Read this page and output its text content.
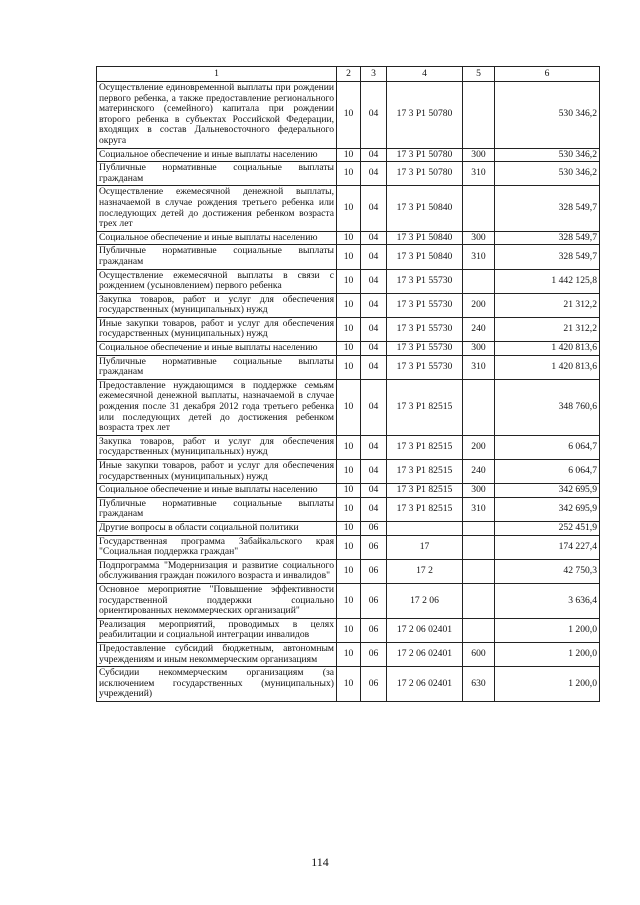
1	2	3	4	5	6
Осуществление единовременной выплаты при рождении первого ребенка, а также предоставление регионального материнского (семейного) капитала при рождении второго ребенка в субъектах Российской Федерации, входящих в состав Дальневосточного федерального округа	10	04	17 3 P1 50780		530 346,2
Социальное обеспечение и иные выплаты населению	10	04	17 3 P1 50780	300	530 346,2
Публичные нормативные социальные выплаты гражданам	10	04	17 3 P1 50780	310	530 346,2
Осуществление ежемесячной денежной выплаты, назначаемой в случае рождения третьего ребенка или последующих детей до достижения ребенком возраста трех лет	10	04	17 3 P1 50840		328 549,7
Социальное обеспечение и иные выплаты населению	10	04	17 3 P1 50840	300	328 549,7
Публичные нормативные социальные выплаты гражданам	10	04	17 3 P1 50840	310	328 549,7
Осуществление ежемесячной выплаты в связи с рождением (усыновлением) первого ребенка	10	04	17 3 P1 55730		1 442 125,8
Закупка товаров, работ и услуг для обеспечения государственных (муниципальных) нужд	10	04	17 3 P1 55730	200	21 312,2
Иные закупки товаров, работ и услуг для обеспечения государственных (муниципальных) нужд	10	04	17 3 P1 55730	240	21 312,2
Социальное обеспечение и иные выплаты населению	10	04	17 3 P1 55730	300	1 420 813,6
Публичные нормативные социальные выплаты гражданам	10	04	17 3 P1 55730	310	1 420 813,6
Предоставление нуждающимся в поддержке семьям ежемесячной денежной выплаты, назначаемой в случае рождения после 31 декабря 2012 года третьего ребенка или последующих детей до достижения ребенком возраста трех лет	10	04	17 3 P1 82515		348 760,6
Закупка товаров, работ и услуг для обеспечения государственных (муниципальных) нужд	10	04	17 3 P1 82515	200	6 064,7
Иные закупки товаров, работ и услуг для обеспечения государственных (муниципальных) нужд	10	04	17 3 P1 82515	240	6 064,7
Социальное обеспечение и иные выплаты населению	10	04	17 3 P1 82515	300	342 695,9
Публичные нормативные социальные выплаты гражданам	10	04	17 3 P1 82515	310	342 695,9
Другие вопросы в области социальной политики	10	06			252 451,9
Государственная программа Забайкальского края "Социальная поддержка граждан"	10	06	17		174 227,4
Подпрограмма "Модернизация и развитие социального обслуживания граждан пожилого возраста и инвалидов"	10	06	17 2		42 750,3
Основное мероприятие "Повышение эффективности государственной поддержки социально ориентированных некоммерческих организаций"	10	06	17 2 06		3 636,4
Реализация мероприятий, проводимых в целях реабилитации и социальной интеграции инвалидов	10	06	17 2 06 02401		1 200,0
Предоставление субсидий бюджетным, автономным учреждениям и иным некоммерческим организациям	10	06	17 2 06 02401	600	1 200,0
Субсидии некоммерческим организациям (за исключением государственных (муниципальных) учреждений)	10	06	17 2 06 02401	630	1 200,0
114
